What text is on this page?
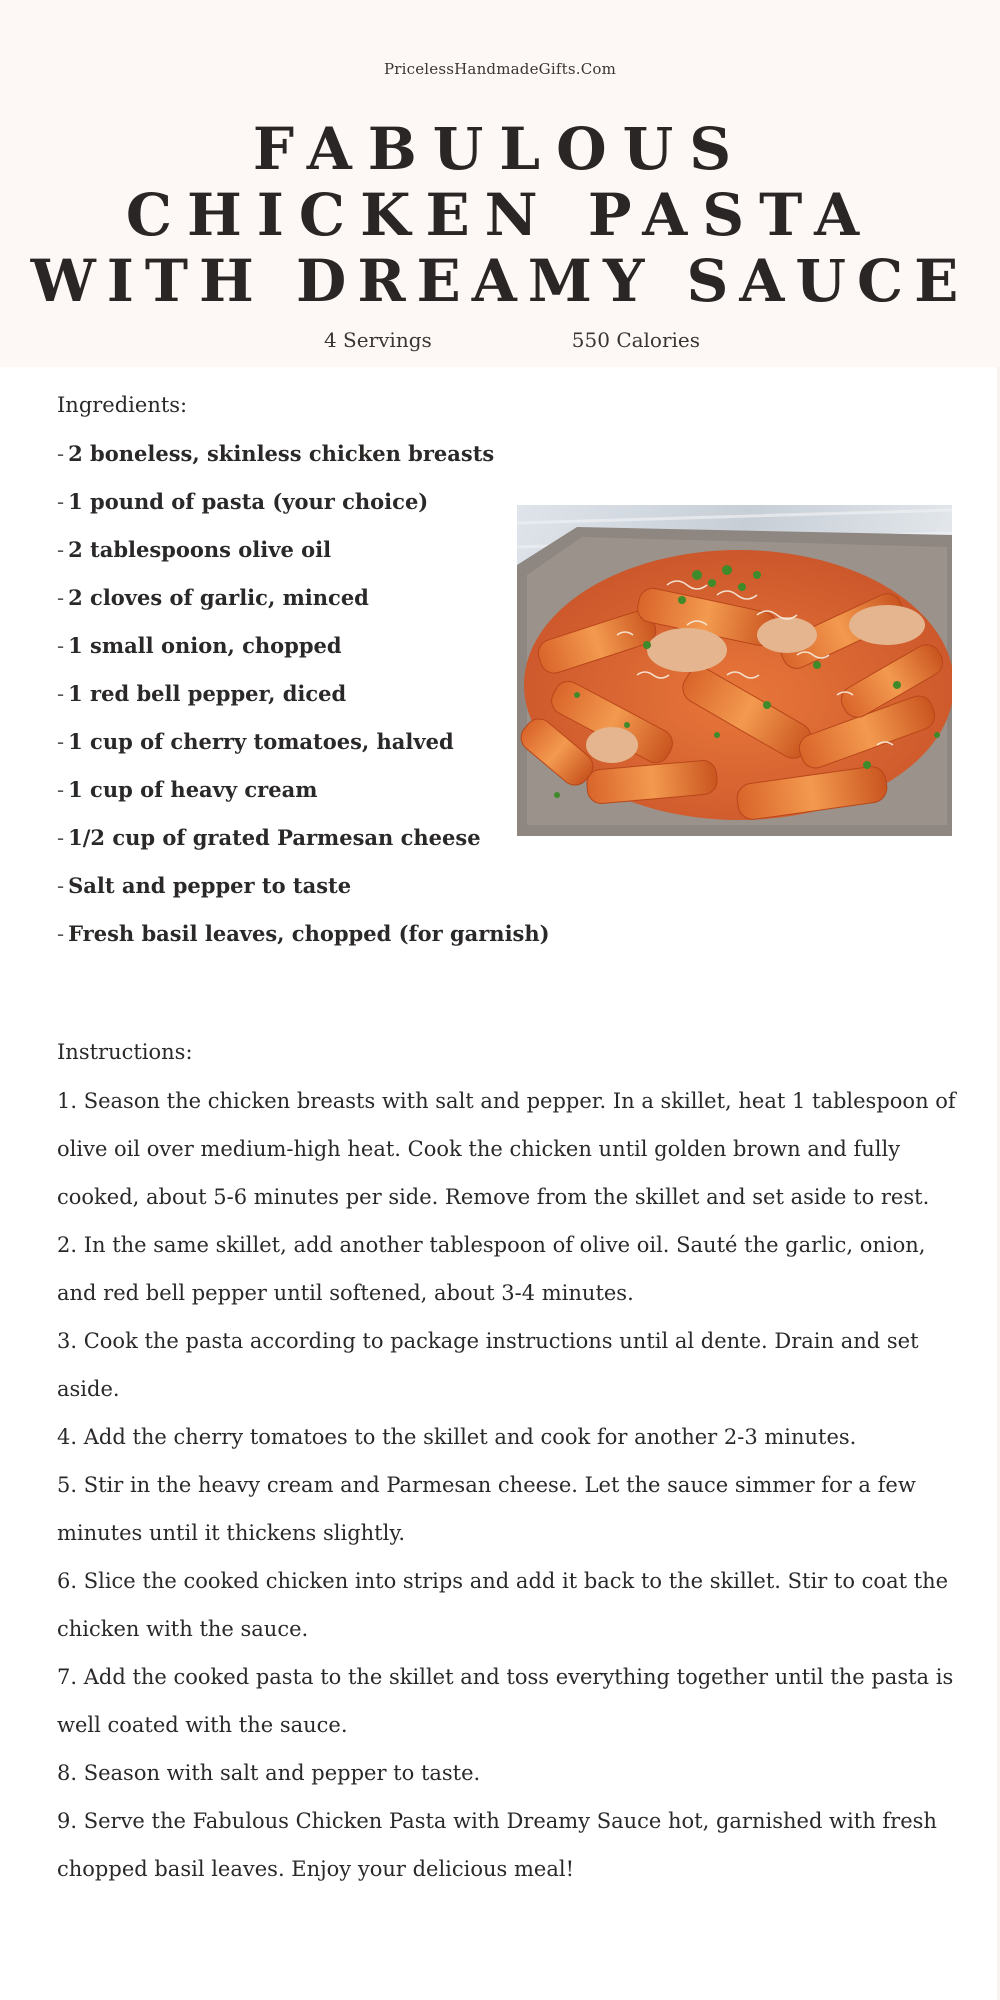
PricelessHandmadeGifts.Com
FABULOUS
CHICKEN PASTA
WITH DREAMY SAUCE
4 Servings	550 Calories
Ingredients:
- 2 boneless, skinless chicken breasts
- 1 pound of pasta (your choice)
- 2 tablespoons olive oil
- 2 cloves of garlic, minced
- 1 small onion, chopped
- 1 red bell pepper, diced
- 1 cup of cherry tomatoes, halved
- 1 cup of heavy cream
- 1/2 cup of grated Parmesan cheese
- Salt and pepper to taste
- Fresh basil leaves, chopped (for garnish)
Instructions:
1. Season the chicken breasts with salt and pepper. In a skillet, heat 1 tablespoon of olive oil over medium-high heat. Cook the chicken until golden brown and fully cooked, about 5-6 minutes per side. Remove from the skillet and set aside to rest.
2. In the same skillet, add another tablespoon of olive oil. Sauté the garlic, onion, and red bell pepper until softened, about 3-4 minutes.
3. Cook the pasta according to package instructions until al dente. Drain and set aside.
4. Add the cherry tomatoes to the skillet and cook for another 2-3 minutes.
5. Stir in the heavy cream and Parmesan cheese. Let the sauce simmer for a few minutes until it thickens slightly.
6. Slice the cooked chicken into strips and add it back to the skillet. Stir to coat the chicken with the sauce.
7. Add the cooked pasta to the skillet and toss everything together until the pasta is well coated with the sauce.
8. Season with salt and pepper to taste.
9. Serve the Fabulous Chicken Pasta with Dreamy Sauce hot, garnished with fresh chopped basil leaves. Enjoy your delicious meal!
